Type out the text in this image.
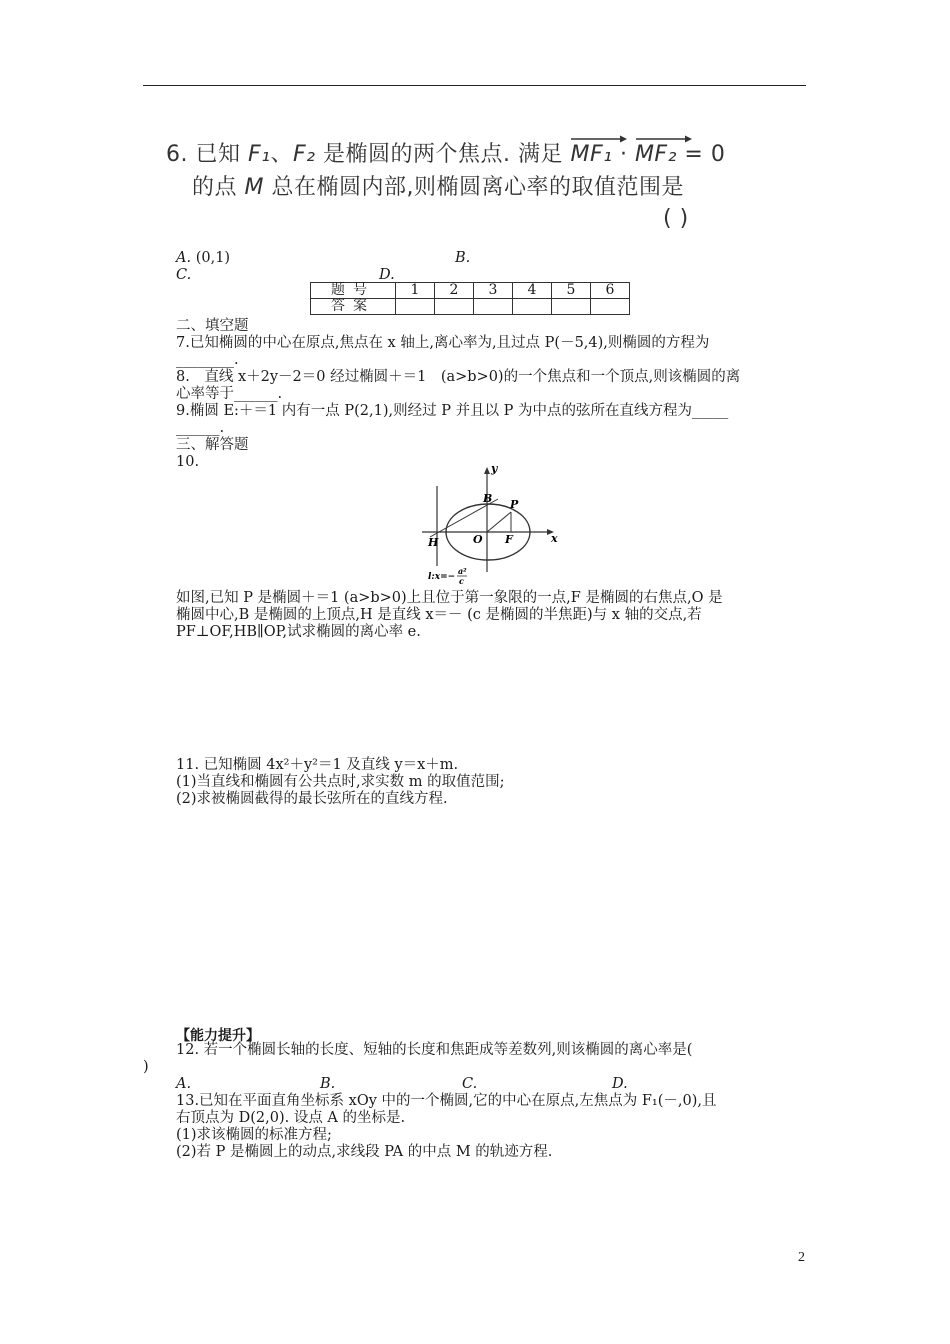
6. 已知 F₁、F₂ 是椭圆的两个焦点. 满足 MF₁ · MF₂ = 0
的点 M 总在椭圆内部,则椭圆离心率的取值范围是
( )
A. (0,1)	B.
C.	D.
题号	1	2	3	4	5	6
答案						
二、填空题
7.已知椭圆的中心在原点,焦点在 x 轴上,离心率为,且过点 P(－5,4),则椭圆的方程为
________.
8.　直线 x＋2y－2＝0 经过椭圆＋＝1　(a>b>0)的一个焦点和一个顶点,则该椭圆的离
心率等于______.
9.椭圆 E:＋＝1 内有一点 P(2,1),则经过 P 并且以 P 为中点的弦所在直线方程为_____
______.
三、解答题
10.	y
x
B P
O F
H
l:x=−
a²
c
如图,已知 P 是椭圆＋＝1 (a>b>0)上且位于第一象限的一点,F 是椭圆的右焦点,O 是
椭圆中心,B 是椭圆的上顶点,H 是直线 x＝－ (c 是椭圆的半焦距)与 x 轴的交点,若
PF⊥OF,HB∥OP,试求椭圆的离心率 e.
11. 已知椭圆 4x²＋y²＝1 及直线 y＝x＋m.
(1)当直线和椭圆有公共点时,求实数 m 的取值范围;
(2)求被椭圆截得的最长弦所在的直线方程.
【能力提升】
12. 若一个椭圆长轴的长度、短轴的长度和焦距成等差数列,则该椭圆的离心率是(
)
A.	B.	C.	D.
13.已知在平面直角坐标系 xOy 中的一个椭圆,它的中心在原点,左焦点为 F₁(－,0),且
右顶点为 D(2,0). 设点 A 的坐标是.
(1)求该椭圆的标准方程;
(2)若 P 是椭圆上的动点,求线段 PA 的中点 M 的轨迹方程.
2
